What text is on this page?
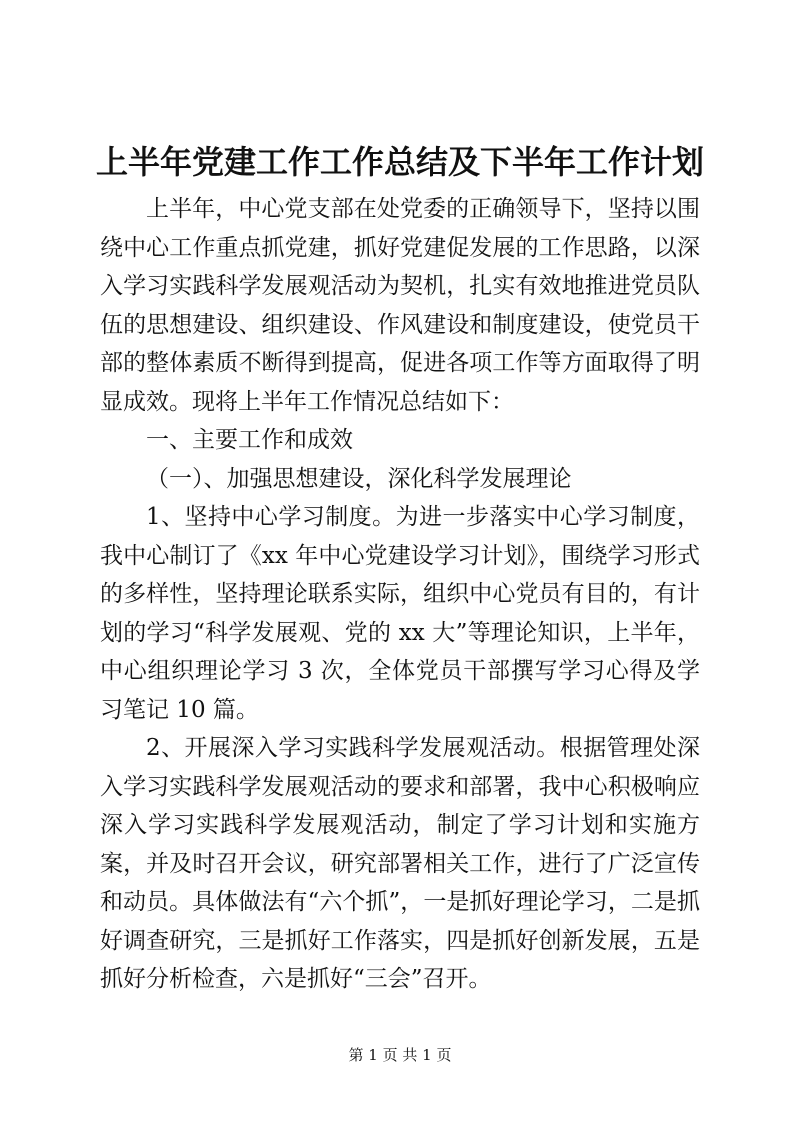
上半年党建工作工作总结及下半年工作计划

上半年，中心党支部在处党委的正确领导下，坚持以围绕中心工作重点抓党建，抓好党建促发展的工作思路，以深入学习实践科学发展观活动为契机，扎实有效地推进党员队伍的思想建设、组织建设、作风建设和制度建设，使党员干部的整体素质不断得到提高，促进各项工作等方面取得了明显成效。现将上半年工作情况总结如下：

一、主要工作和成效

（一）、加强思想建设，深化科学发展理论

1、坚持中心学习制度。为进一步落实中心学习制度，我中心制订了《xx 年中心党建设学习计划》，围绕学习形式的多样性，坚持理论联系实际，组织中心党员有目的，有计划的学习“科学发展观、党的 xx 大”等理论知识，上半年，中心组织理论学习 3 次，全体党员干部撰写学习心得及学习笔记 10 篇。

2、开展深入学习实践科学发展观活动。根据管理处深入学习实践科学发展观活动的要求和部署，我中心积极响应深入学习实践科学发展观活动，制定了学习计划和实施方案，并及时召开会议，研究部署相关工作，进行了广泛宣传和动员。具体做法有“六个抓”，一是抓好理论学习，二是抓好调查研究，三是抓好工作落实，四是抓好创新发展，五是抓好分析检查，六是抓好“三会”召开。

第 1 页 共 1 页
